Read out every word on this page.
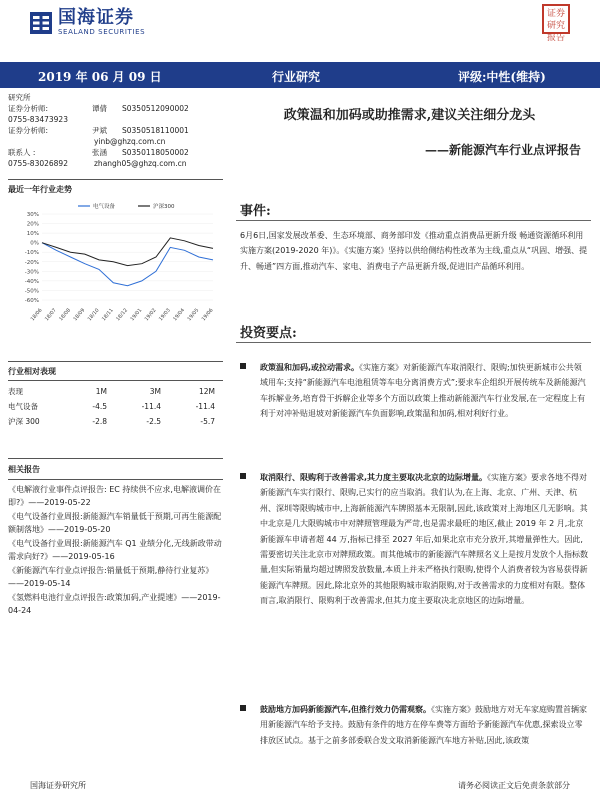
国海证券
SEALAND SECURITIES
证券研究报告
2019 年 06 月 09 日	行业研究	评级:中性(维持)
研究所
证券分析师:	谭倩	S0350512090002
0755-83473923
证券分析师:	尹斌	S0350518110001
yinb@ghzq.com.cn
联系人 :	张涵	S0350118050002
0755-83026892	zhangh05@ghzq.com.cn
最近一年行业走势
30%
20%
10%
0%
-10%
-20%
-30%
-40%
-50%
-60%
18/06 18/07 18/08 18/09 18/10 18/11 18/12 19/01 19/02 19/03 19/04 19/05 19/06
电气设备	沪深300
行业相对表现
表现	1M	3M	12M
电气设备	-4.5	-11.4	-11.4
沪深 300	-2.8	-2.5	-5.7
相关报告
《电解液行业事件点评报告: EC 持续供不应求,电解液调价在即?》——2019-05-22
《电气设备行业周报:新能源汽车销量低于预期,可再生能源配额制落地》——2019-05-20
《电气设备行业周报:新能源汽车 Q1 业绩分化,无线新政带动需求向好?》——2019-05-16
《新能源汽车行业点评报告:销量低于预期,静待行业复苏》——2019-05-14
《氢燃料电池行业点评报告:政策加码,产业提速》——2019-04-24
政策温和加码或助推需求,建议关注细分龙头
——新能源汽车行业点评报告
事件:
6月6日,国家发展改革委、生态环境部、商务部印发《推动重点消费品更新升级 畅通资源循环利用实施方案(2019-2020 年)》。《实施方案》坚持以供给侧结构性改革为主线,重点从“巩固、增强、提升、畅通”四方面,推动汽车、家电、消费电子产品更新升级,促进旧产品循环利用。
投资要点:
政策温和加码,或拉动需求。《实施方案》对新能源汽车取消限行、限购;加快更新城市公共领域用车;支持“新能源汽车电池租赁等车电分离消费方式”;要求车企组织开展传统车及新能源汽车拆解业务,培育骨干拆解企业等多个方面以政策上推动新能源汽车行业发展,在一定程度上有利于对冲补贴退坡对新能源汽车负面影响,政策温和加码,相对利好行业。
取消限行、限购利于改善需求,其力度主要取决北京的边际增量。《实施方案》要求各地不得对新能源汽车实行限行、限购,已实行的应当取消。我们认为,在上海、北京、广州、天津、杭州、深圳等限购城市中,上海新能源汽车牌照基本无限制,因此,该政策对上海地区几无影响。其中北京是几大限购城市中对牌照管理最为严苛,也是需求最旺的地区,截止 2019 年 2 月,北京新能源车申请者超 44 万,指标已排至 2027 年后,如果北京市充分放开,其增量弹性大。因此,需要密切关注北京市对牌照政策。而其他城市的新能源汽车牌照名义上是按月发放个人指标数量,但实际销量均超过牌照发放数量,本质上并未严格执行限购,使得个人消费者较为容易获得新能源汽车牌照。因此,除北京外的其他限购城市取消限购,对于改善需求的力度相对有限。整体而言,取消限行、限购利于改善需求,但其力度主要取决北京地区的边际增量。
鼓励地方加码新能源汽车,但推行效力仍需观察。《实施方案》鼓励地方对无车家庭购置首辆家用新能源汽车给予支持。鼓励有条件的地方在停车费等方面给予新能源汽车优惠,探索设立零排放区试点。基于之前多部委联合发文取消新能源汽车地方补贴,因此,该政策
国海证券研究所	请务必阅读正文后免责条款部分
